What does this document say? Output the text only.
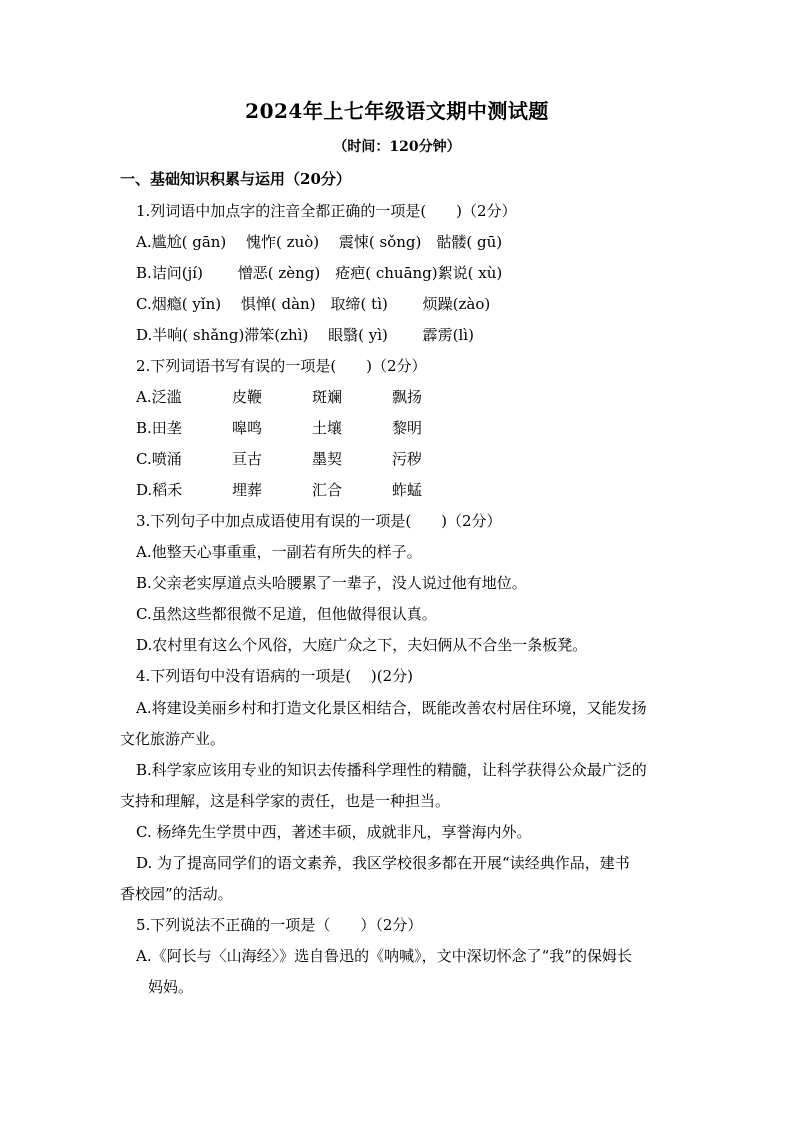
2024年上七年级语文期中测试题
（时间：120分钟）
一、基础知识积累与运用（20分）
1.列词语中加点字的注音全都正确的一项是(　　)（2分）
A.尴尬( gān)　 愧怍( zuò)　 震悚( sǒng)　骷髅( gū)
B.诘问(jí)　　 憎恶( zèng)　疮疤( chuāng)絮说( xù)
C.烟瘾( yǐn)　 惧惮( dàn)　取缔( tì)　　 烦躁(zào)
D.半响( shǎng)滞笨(zhì)　 眼翳( yì)　　 霹雳(lì)
2.下列词语书写有误的一项是(　　)（2分）
A.泛滥	皮鞭	斑斓	飘扬
B.田垄	嗥鸣	土壤	黎明
C.喷涌	亘古	墨契	污秽
D.稻禾	埋葬	汇合	蚱蜢
3.下列句子中加点成语使用有误的一项是(　　)（2分）
A.他整天心事重重，一副若有所失的样子。
B.父亲老实厚道点头哈腰累了一辈子，没人说过他有地位。
C.虽然这些都很微不足道，但他做得很认真。
D.农村里有这么个风俗，大庭广众之下，夫妇俩从不合坐一条板凳。
4.下列语句中没有语病的一项是(　 )(2分)
A.将建设美丽乡村和打造文化景区相结合，既能改善农村居住环境，又能发扬
文化旅游产业。
B.科学家应该用专业的知识去传播科学理性的精髓，让科学获得公众最广泛的
支持和理解，这是科学家的责任，也是一种担当。
C. 杨绛先生学贯中西，著述丰硕，成就非凡，享誉海内外。
D. 为了提高同学们的语文素养，我区学校很多都在开展“读经典作品，建书
香校园”的活动。
5.下列说法不正确的一项是（　　）（2分）
A.《阿长与〈山海经〉》选自鲁迅的《呐喊》，文中深切怀念了“我”的保姆长
妈妈。
